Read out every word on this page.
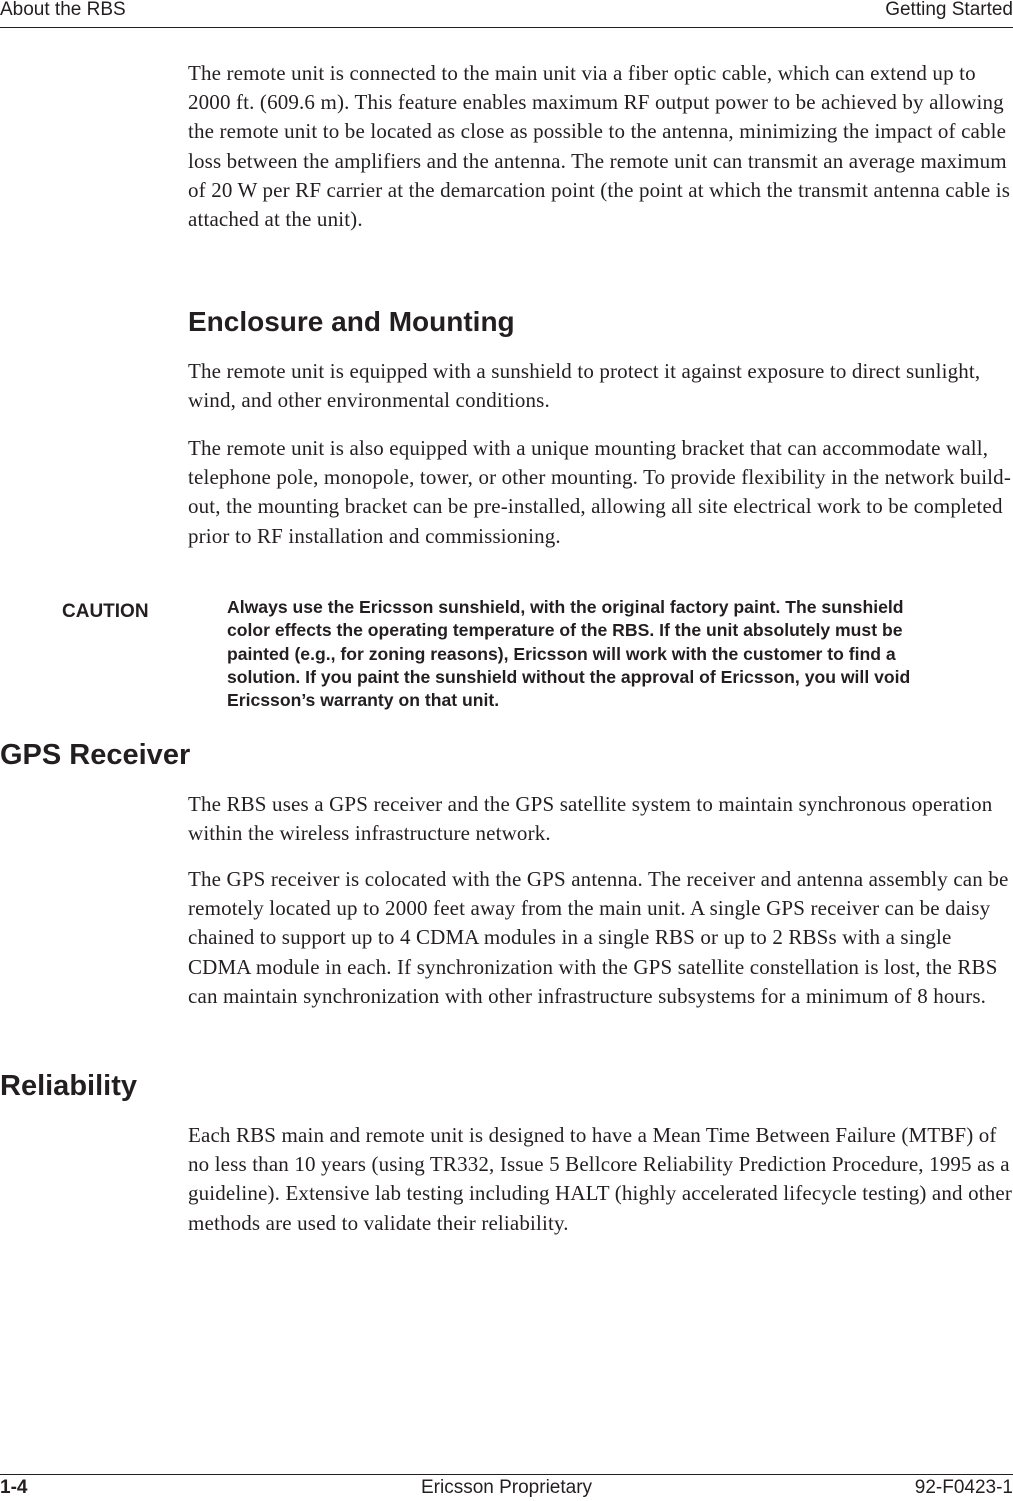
About the RBS	Getting Started

The remote unit is connected to the main unit via a fiber optic cable, which can extend up to 2000 ft. (609.6 m). This feature enables maximum RF output power to be achieved by allowing the remote unit to be located as close as possible to the antenna, minimizing the impact of cable loss between the amplifiers and the antenna. The remote unit can transmit an average maximum of 20 W per RF carrier at the demarcation point (the point at which the transmit antenna cable is attached at the unit).

Enclosure and Mounting

The remote unit is equipped with a sunshield to protect it against exposure to direct sunlight, wind, and other environmental conditions.

The remote unit is also equipped with a unique mounting bracket that can accommodate wall, telephone pole, monopole, tower, or other mounting. To provide flexibility in the network build-out, the mounting bracket can be pre-installed, allowing all site electrical work to be completed prior to RF installation and commissioning.

CAUTION	Always use the Ericsson sunshield, with the original factory paint. The sunshield color effects the operating temperature of the RBS. If the unit absolutely must be painted (e.g., for zoning reasons), Ericsson will work with the customer to find a solution. If you paint the sunshield without the approval of Ericsson, you will void Ericsson’s warranty on that unit.

GPS Receiver

The RBS uses a GPS receiver and the GPS satellite system to maintain synchronous operation within the wireless infrastructure network.

The GPS receiver is colocated with the GPS antenna. The receiver and antenna assembly can be remotely located up to 2000 feet away from the main unit. A single GPS receiver can be daisy chained to support up to 4 CDMA modules in a single RBS or up to 2 RBSs with a single CDMA module in each. If synchronization with the GPS satellite constellation is lost, the RBS can maintain synchronization with other infrastructure subsystems for a minimum of 8 hours.

Reliability

Each RBS main and remote unit is designed to have a Mean Time Between Failure (MTBF) of no less than 10 years (using TR332, Issue 5 Bellcore Reliability Prediction Procedure, 1995 as a guideline). Extensive lab testing including HALT (highly accelerated lifecycle testing) and other methods are used to validate their reliability.

Ericsson Proprietary
1-4	92-F0423-1
